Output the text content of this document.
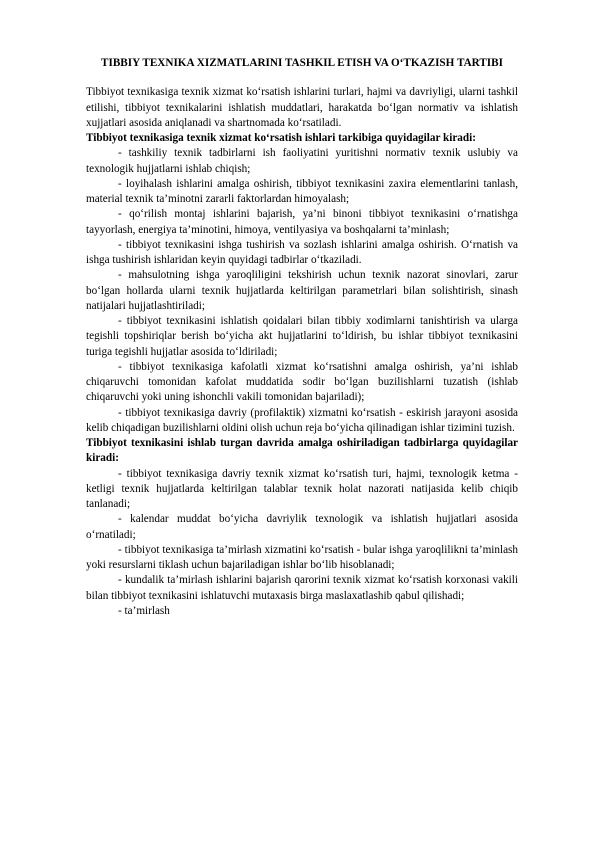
TIBBIY TEXNIKA XIZMATLARINI TASHKIL ETISH VA O‘TKAZISH TARTIBI

Tibbiyot texnikasiga texnik xizmat ko‘rsatish ishlarini turlari, hajmi va davriyligi, ularni tashkil etilishi, tibbiyot texnikalarini ishlatish muddatlari, harakatda bo‘lgan normativ va ishlatish xujjatlari asosida aniqlanadi va shartnomada ko‘rsatiladi.

Tibbiyot texnikasiga texnik xizmat ko‘rsatish ishlari tarkibiga quyidagilar kiradi:

- tashkiliy texnik tadbirlarni ish faoliyatini yuritishni normativ texnik uslubiy va texnologik hujjatlarni ishlab chiqish;

- loyihalash ishlarini amalga oshirish, tibbiyot texnikasini zaxira elementlarini tanlash, material texnik ta’minotni zararli faktorlardan himoyalash;

- qo‘rilish montaj ishlarini bajarish, ya’ni binoni tibbiyot texnikasini o‘rnatishga tayyorlash, energiya ta’minotini, himoya, ventilyasiya va boshqalarni ta’minlash;

- tibbiyot texnikasini ishga tushirish va sozlash ishlarini amalga oshirish. O‘rnatish va ishga tushirish ishlaridan keyin quyidagi tadbirlar o‘tkaziladi.

- mahsulotning ishga yaroqliligini tekshirish uchun texnik nazorat sinovlari, zarur bo‘lgan hollarda ularni texnik hujjatlarda keltirilgan parametrlari bilan solishtirish, sinash natijalari hujjatlashtiriladi;

- tibbiyot texnikasini ishlatish qoidalari bilan tibbiy xodimlarni tanishtirish va ularga tegishli topshiriqlar berish bo‘yicha akt hujjatlarini to‘ldirish, bu ishlar tibbiyot texnikasini turiga tegishli hujjatlar asosida to‘ldiriladi;

- tibbiyot texnikasiga kafolatli xizmat ko‘rsatishni amalga oshirish, ya’ni ishlab chiqaruvchi tomonidan kafolat muddatida sodir bo‘lgan buzilishlarni tuzatish (ishlab chiqaruvchi yoki uning ishonchli vakili tomonidan bajariladi);

- tibbiyot texnikasiga davriy (profilaktik) xizmatni ko‘rsatish - eskirish jarayoni asosida kelib chiqadigan buzilishlarni oldini olish uchun reja bo‘yicha qilinadigan ishlar tizimini tuzish.

Tibbiyot texnikasini ishlab turgan davrida amalga oshiriladigan tadbirlarga quyidagilar kiradi:

- tibbiyot texnikasiga davriy texnik xizmat ko‘rsatish turi, hajmi, texnologik ketma - ketligi texnik hujjatlarda keltirilgan talablar texnik holat nazorati natijasida kelib chiqib tanlanadi;

- kalendar muddat bo‘yicha davriylik texnologik va ishlatish hujjatlari asosida o‘rnatiladi;

- tibbiyot texnikasiga ta’mirlash xizmatini ko‘rsatish - bular ishga yaroqlilikni ta’minlash yoki resurslarni tiklash uchun bajariladigan ishlar bo‘lib hisoblanadi;

- kundalik ta’mirlash ishlarini bajarish qarorini texnik xizmat ko‘rsatish korxonasi vakili bilan tibbiyot texnikasini ishlatuvchi mutaxasis birga maslaxatlashib qabul qilishadi;

- ta’mirlash
